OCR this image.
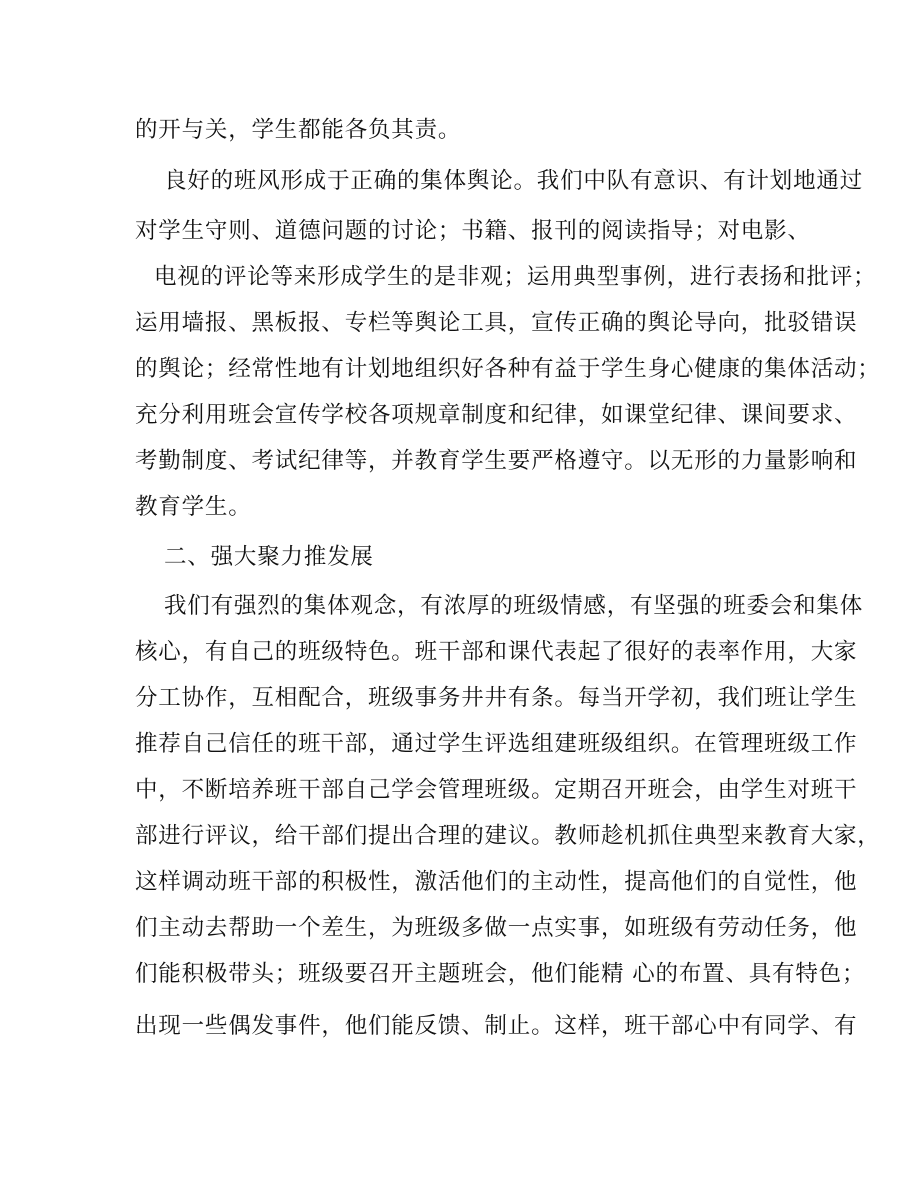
的开与关，学生都能各负其责。
良好的班风形成于正确的集体舆论。我们中队有意识、有计划地通过
对学生守则、道德问题的讨论；书籍、报刊的阅读指导；对电影、
电视的评论等来形成学生的是非观；运用典型事例，进行表扬和批评；
运用墙报、黑板报、专栏等舆论工具，宣传正确的舆论导向，批驳错误
的舆论；经常性地有计划地组织好各种有益于学生身心健康的集体活动；
充分利用班会宣传学校各项规章制度和纪律，如课堂纪律、课间要求、
考勤制度、考试纪律等，并教育学生要严格遵守。以无形的力量影响和
教育学生。
二、强大聚力推发展
我们有强烈的集体观念，有浓厚的班级情感，有坚强的班委会和集体
核心，有自己的班级特色。班干部和课代表起了很好的表率作用，大家
分工协作，互相配合，班级事务井井有条。每当开学初，我们班让学生
推荐自己信任的班干部，通过学生评选组建班级组织。在管理班级工作
中，不断培养班干部自己学会管理班级。定期召开班会，由学生对班干
部进行评议，给干部们提出合理的建议。教师趁机抓住典型来教育大家，
这样调动班干部的积极性，激活他们的主动性，提高他们的自觉性，他
们主动去帮助一个差生，为班级多做一点实事，如班级有劳动任务，他
们能积极带头；班级要召开主题班会，他们能精 心的布置、具有特色；
出现一些偶发事件，他们能反馈、制止。这样，班干部心中有同学、有
